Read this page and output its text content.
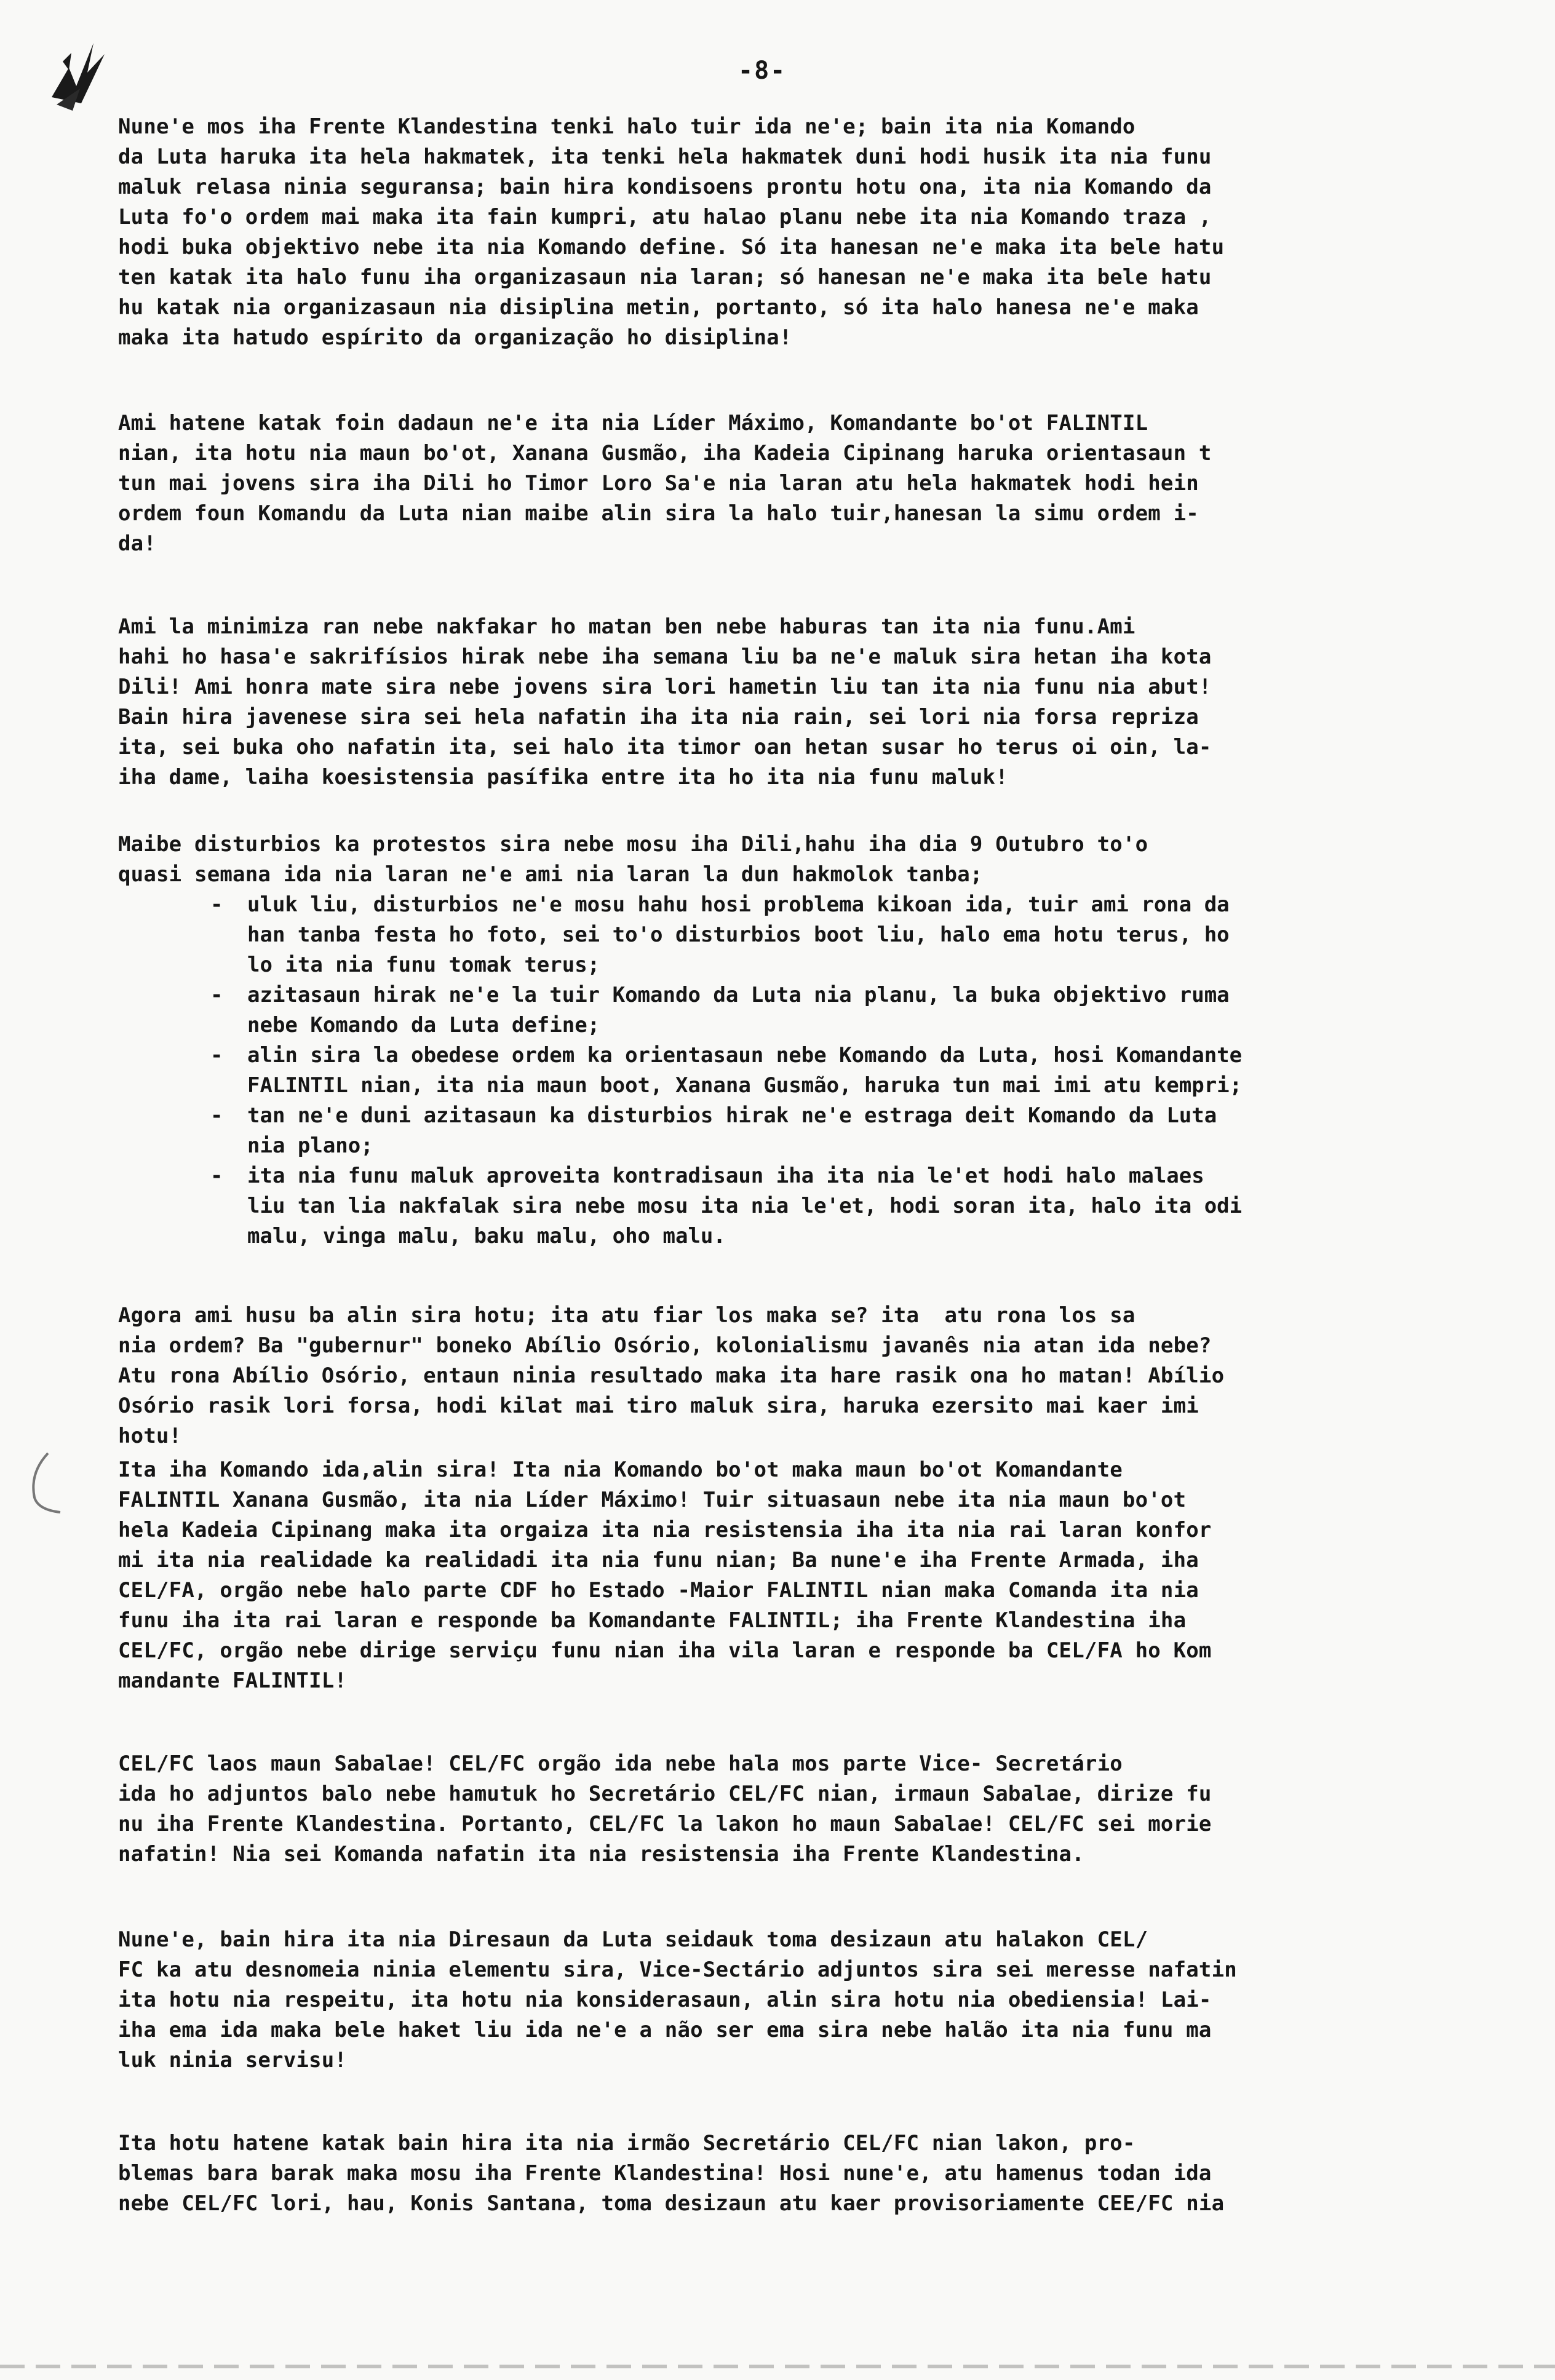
-8-

Nune'e mos iha Frente Klandestina tenki halo tuir ida ne'e; bain ita nia Komando
da Luta haruka ita hela hakmatek, ita tenki hela hakmatek duni hodi husik ita nia funu
maluk relasa ninia seguransa; bain hira kondisoens prontu hotu ona, ita nia Komando da
Luta fo'o ordem mai maka ita fain kumpri, atu halao planu nebe ita nia Komando traza ,
hodi buka objektivo nebe ita nia Komando define. Só ita hanesan ne'e maka ita bele hatu
ten katak ita halo funu iha organizasaun nia laran; só hanesan ne'e maka ita bele hatu
hu katak nia organizasaun nia disiplina metin, portanto, só ita halo hanesa ne'e maka
maka ita hatudo espírito da organização ho disiplina!

Ami hatene katak foin dadaun ne'e ita nia Líder Máximo, Komandante bo'ot FALINTIL
nian, ita hotu nia maun bo'ot, Xanana Gusmão, iha Kadeia Cipinang haruka orientasaun t
tun mai jovens sira iha Dili ho Timor Loro Sa'e nia laran atu hela hakmatek hodi hein
ordem foun Komandu da Luta nian maibe alin sira la halo tuir,hanesan la simu ordem i-
da!

Ami la minimiza ran nebe nakfakar ho matan ben nebe haburas tan ita nia funu.Ami
hahi ho hasa'e sakrifísios hirak nebe iha semana liu ba ne'e maluk sira hetan iha kota
Dili! Ami honra mate sira nebe jovens sira lori hametin liu tan ita nia funu nia abut!
Bain hira javenese sira sei hela nafatin iha ita nia rain, sei lori nia forsa repriza
ita, sei buka oho nafatin ita, sei halo ita timor oan hetan susar ho terus oi oin, la-
iha dame, laiha koesistensia pasífika entre ita ho ita nia funu maluk!

Maibe disturbios ka protestos sira nebe mosu iha Dili,hahu iha dia 9 Outubro to'o
quasi semana ida nia laran ne'e ami nia laran la dun hakmolok tanba;

-	uluk liu, disturbios ne'e mosu hahu hosi problema kikoan ida, tuir ami rona da
han tanba festa ho foto, sei to'o disturbios boot liu, halo ema hotu terus, ho
lo ita nia funu tomak terus;
-	azitasaun hirak ne'e la tuir Komando da Luta nia planu, la buka objektivo ruma
nebe Komando da Luta define;
-	alin sira la obedese ordem ka orientasaun nebe Komando da Luta, hosi Komandante
FALINTIL nian, ita nia maun boot, Xanana Gusmão, haruka tun mai imi atu kempri;
-	tan ne'e duni azitasaun ka disturbios hirak ne'e estraga deit Komando da Luta
nia plano;
-	ita nia funu maluk aproveita kontradisaun iha ita nia le'et hodi halo malaes
liu tan lia nakfalak sira nebe mosu ita nia le'et, hodi soran ita, halo ita odi
malu, vinga malu, baku malu, oho malu.

Agora ami husu ba alin sira hotu; ita atu fiar los maka se? ita  atu rona los sa
nia ordem? Ba "gubernur" boneko Abílio Osório, kolonialismu javanês nia atan ida nebe?
Atu rona Abílio Osório, entaun ninia resultado maka ita hare rasik ona ho matan! Abílio
Osório rasik lori forsa, hodi kilat mai tiro maluk sira, haruka ezersito mai kaer imi
hotu!

Ita iha Komando ida,alin sira! Ita nia Komando bo'ot maka maun bo'ot Komandante
FALINTIL Xanana Gusmão, ita nia Líder Máximo! Tuir situasaun nebe ita nia maun bo'ot
hela Kadeia Cipinang maka ita orgaiza ita nia resistensia iha ita nia rai laran konfor
mi ita nia realidade ka realidadi ita nia funu nian; Ba nune'e iha Frente Armada, iha
CEL/FA, orgão nebe halo parte CDF ho Estado -Maior FALINTIL nian maka Comanda ita nia
funu iha ita rai laran e responde ba Komandante FALINTIL; iha Frente Klandestina iha
CEL/FC, orgão nebe dirige serviçu funu nian iha vila laran e responde ba CEL/FA ho Kom
mandante FALINTIL!

CEL/FC laos maun Sabalae! CEL/FC orgão ida nebe hala mos parte Vice- Secretário
ida ho adjuntos balo nebe hamutuk ho Secretário CEL/FC nian, irmaun Sabalae, dirize fu
nu iha Frente Klandestina. Portanto, CEL/FC la lakon ho maun Sabalae! CEL/FC sei morie
nafatin! Nia sei Komanda nafatin ita nia resistensia iha Frente Klandestina.

Nune'e, bain hira ita nia Diresaun da Luta seidauk toma desizaun atu halakon CEL/
FC ka atu desnomeia ninia elementu sira, Vice-Sectário adjuntos sira sei meresse nafatin
ita hotu nia respeitu, ita hotu nia konsiderasaun, alin sira hotu nia obediensia! Lai-
iha ema ida maka bele haket liu ida ne'e a não ser ema sira nebe halão ita nia funu ma
luk ninia servisu!

Ita hotu hatene katak bain hira ita nia irmão Secretário CEL/FC nian lakon, pro-
blemas bara barak maka mosu iha Frente Klandestina! Hosi nune'e, atu hamenus todan ida
nebe CEL/FC lori, hau, Konis Santana, toma desizaun atu kaer provisoriamente CEE/FC nia
